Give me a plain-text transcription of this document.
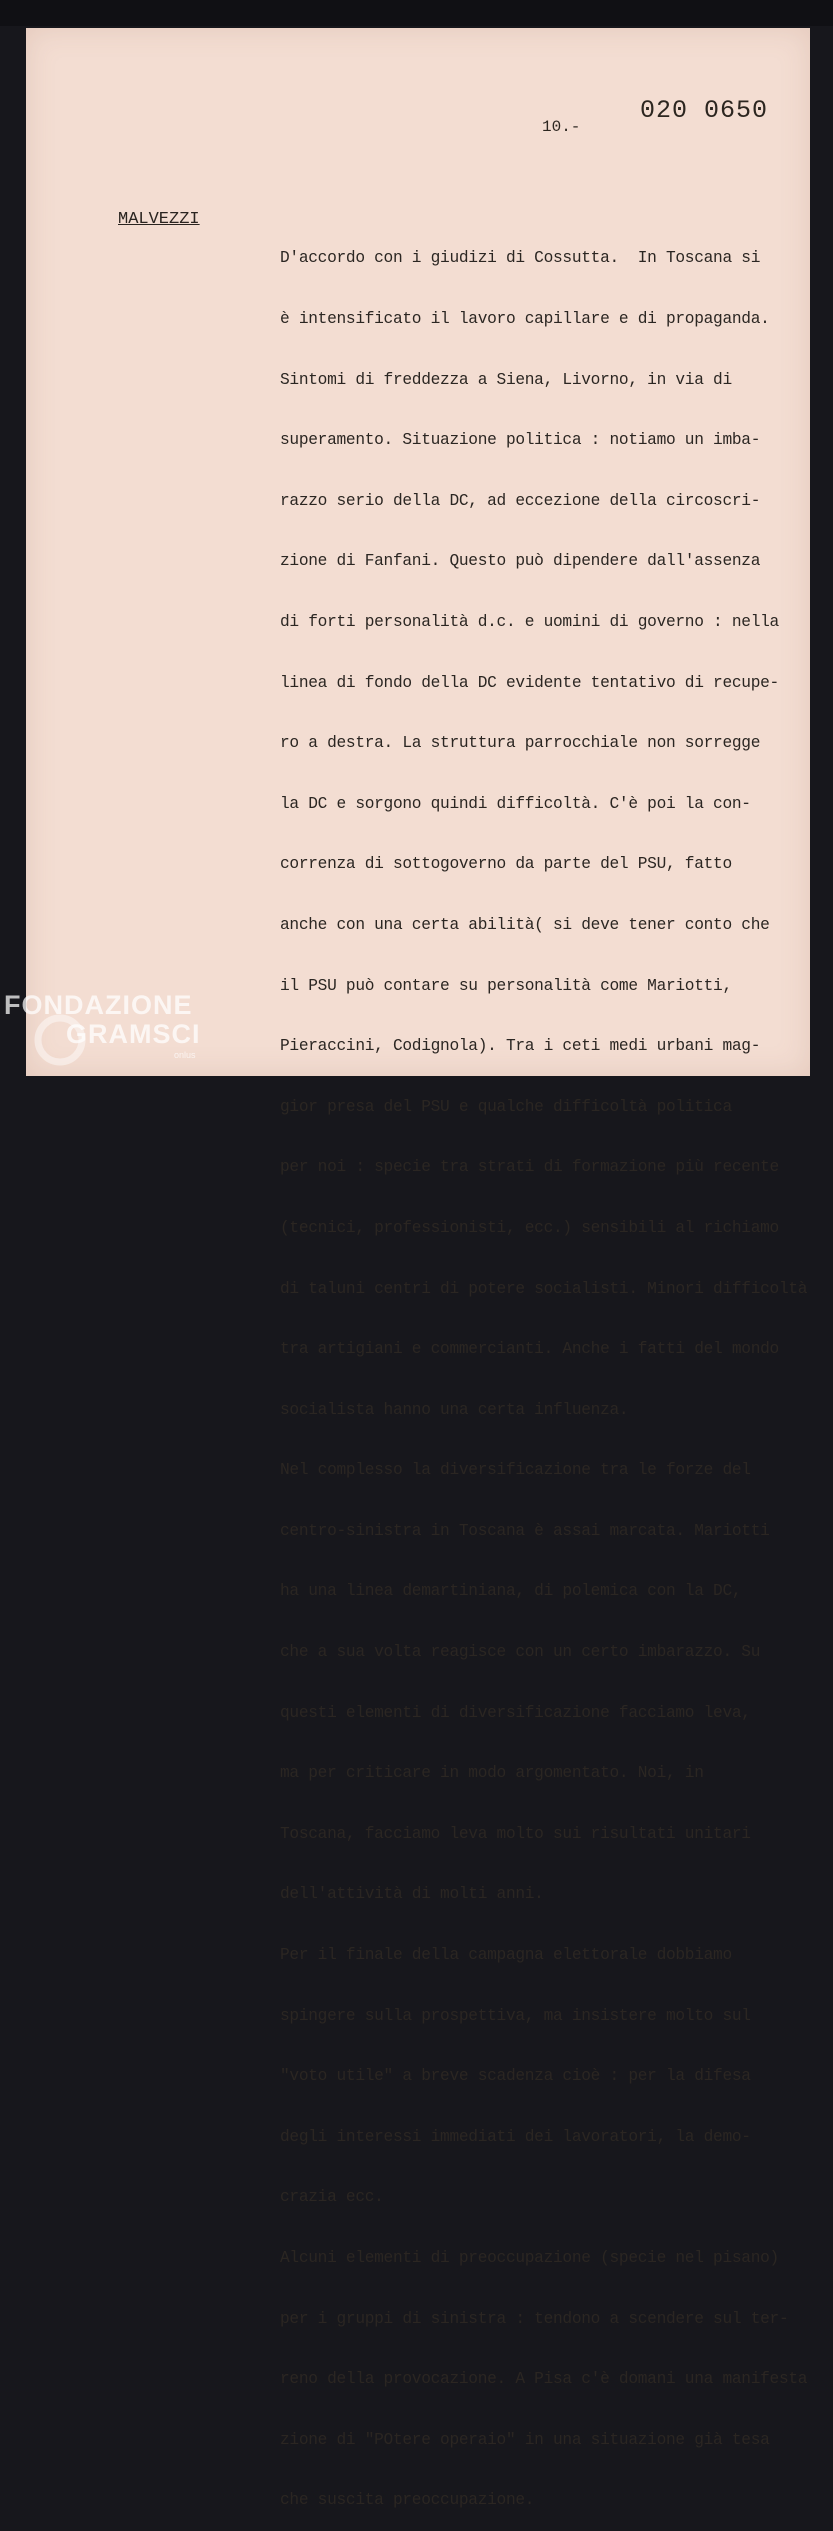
020 0650
10.-
MALVEZZI

D'accordo con i giudizi di Cossutta.  In Toscana si

è intensificato il lavoro capillare e di propaganda.

Sintomi di freddezza a Siena, Livorno, in via di

superamento. Situazione politica : notiamo un imba-

razzo serio della DC, ad eccezione della circoscri-

zione di Fanfani. Questo può dipendere dall'assenza

di forti personalità d.c. e uomini di governo : nella

linea di fondo della DC evidente tentativo di recupe-

ro a destra. La struttura parrocchiale non sorregge

la DC e sorgono quindi difficoltà. C'è poi la con-

correnza di sottogoverno da parte del PSU, fatto

anche con una certa abilità( si deve tener conto che

il PSU può contare su personalità come Mariotti,

Pieraccini, Codignola). Tra i ceti medi urbani mag-

gior presa del PSU e qualche difficoltà politica

per noi : specie tra strati di formazione più recente

(tecnici, professionisti, ecc.) sensibili al richiamo

di taluni centri di potere socialisti. Minori difficoltà

tra artigiani e commercianti. Anche i fatti del mondo

socialista hanno una certa influenza.

Nel complesso la diversificazione tra le forze del

centro-sinistra in Toscana è assai marcata. Mariotti

ha una linea demartiniana, di polemica con la DC,

che a sua volta reagisce con un certo imbarazzo. Su

questi elementi di diversificazione facciamo leva,

ma per criticare in modo argomentato. Noi, in

Toscana, facciamo leva molto sui risultati unitari

dell'attività di molti anni.

Per il finale della campagna elettorale dobbiamo

spingere sulla prospettiva, ma insistere molto sul

"voto utile" a breve scadenza cioè : per la difesa

degli interessi immediati dei lavoratori, la demo-

crazia ecc.

Alcuni elementi di preoccupazione (specie nel pisano)

per i gruppi di sinistra : tendono a scendere sul ter-

reno della provocazione. A Pisa c'è domani una manifesta

zione di "POtere operaio" in una situazione già tesa

che suscita preoccupazione.

FONDAZIONE
GRAMSCI
onlus
